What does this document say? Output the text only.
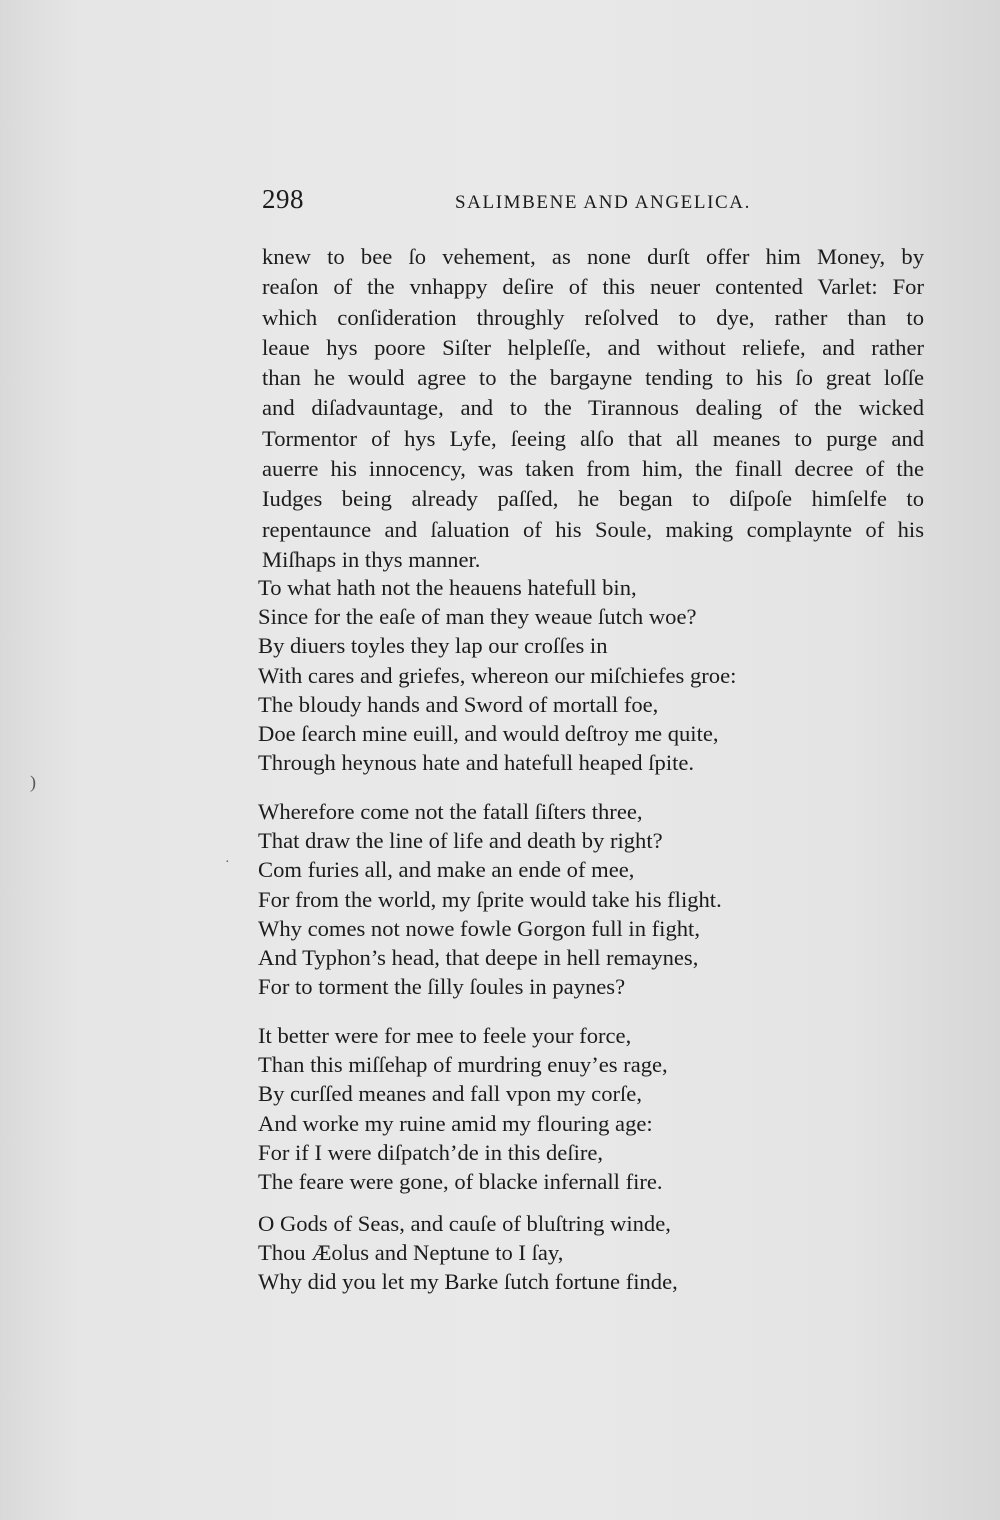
298	SALIMBENE AND ANGELICA.
knew to bee ſo vehement, as none durſt offer him Money, by
reaſon of the vnhappy deſire of this neuer contented Varlet: For
which conſideration throughly reſolved to dye, rather than to
leaue hys poore Siſter helpleſſe, and without reliefe, and rather
than he would agree to the bargayne tending to his ſo great loſſe
and diſadvauntage, and to the Tirannous dealing of the wicked
Tormentor of hys Lyfe, ſeeing alſo that all meanes to purge and
auerre his innocency, was taken from him, the finall decree of the
Iudges being already paſſed, he began to diſpoſe himſelfe to
repentaunce and ſaluation of his Soule, making complaynte of his
Miſhaps in thys manner.
To what hath not the heauens hatefull bin,
Since for the eaſe of man they weaue ſutch woe?
By diuers toyles they lap our croſſes in
With cares and griefes, whereon our miſchiefes groe:
The bloudy hands and Sword of mortall foe,
Doe ſearch mine euill, and would deſtroy me quite,
Through heynous hate and hatefull heaped ſpite.
Wherefore come not the fatall ſiſters three,
That draw the line of life and death by right?
Com furies all, and make an ende of mee,
For from the world, my ſprite would take his flight.
Why comes not nowe fowle Gorgon full in fight,
And Typhon’s head, that deepe in hell remaynes,
For to torment the ſilly ſoules in paynes?
It better were for mee to feele your force,
Than this miſſehap of murdring enuy’es rage,
By curſſed meanes and fall vpon my corſe,
And worke my ruine amid my flouring age:
For if I were diſpatch’de in this deſire,
The feare were gone, of blacke infernall fire.
O Gods of Seas, and cauſe of bluſtring winde,
Thou Æolus and Neptune to I ſay,
Why did you let my Barke ſutch fortune finde,
)
·
